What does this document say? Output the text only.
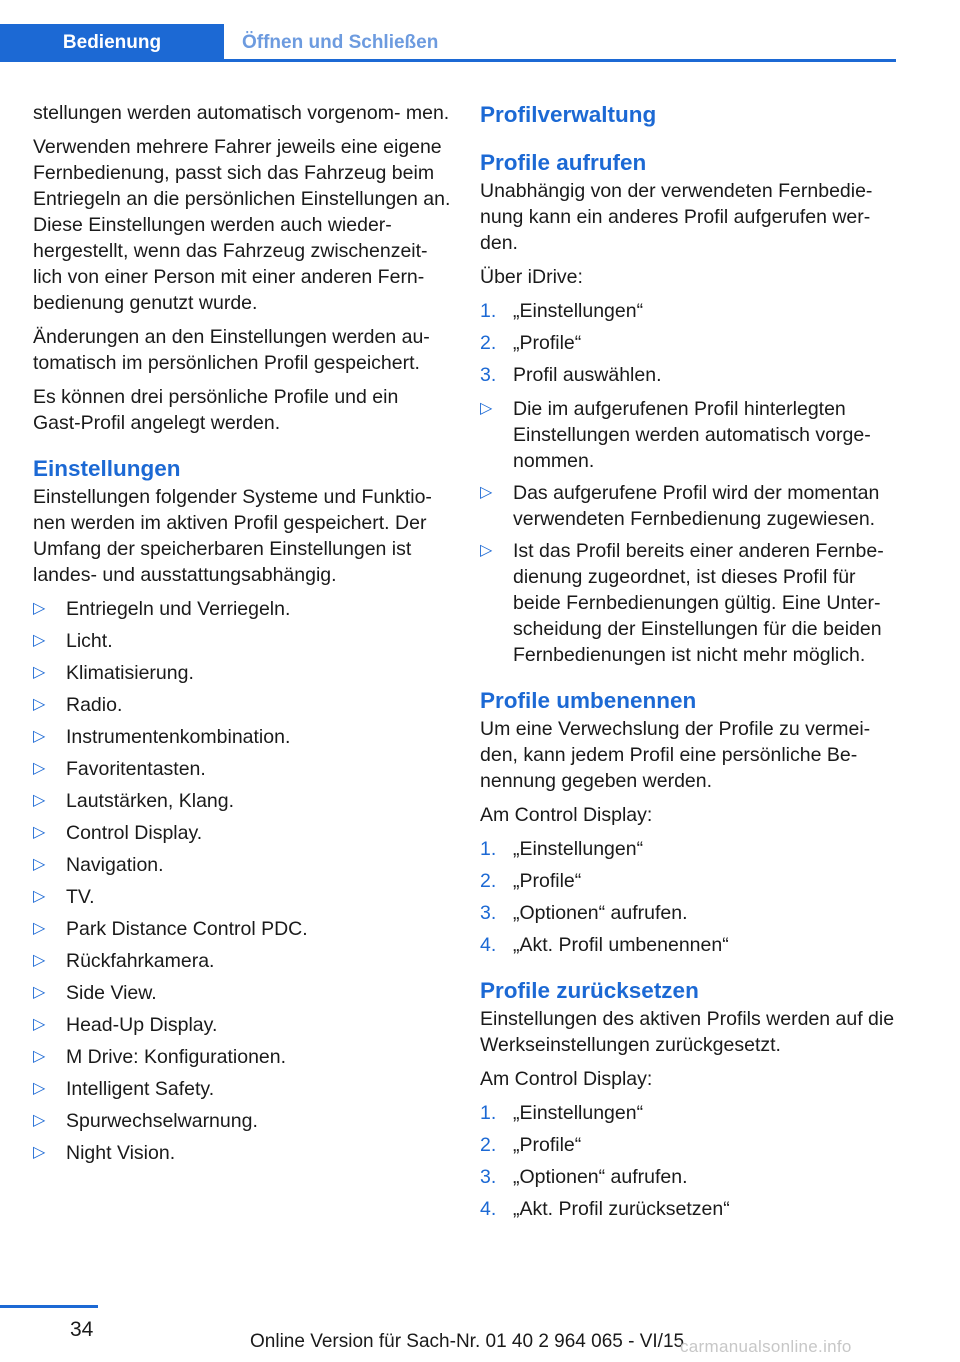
Bedienung	Öffnen und Schließen

stellungen werden automatisch vorgenom‐ men.

Verwenden mehrere Fahrer jeweils eine eigene Fernbedienung, passt sich das Fahrzeug beim Entriegeln an die persönlichen Einstellungen an. Diese Einstellungen werden auch wieder‐ hergestellt, wenn das Fahrzeug zwischenzeit‐ lich von einer Person mit einer anderen Fern‐ bedienung genutzt wurde.

Änderungen an den Einstellungen werden au‐ tomatisch im persönlichen Profil gespeichert.

Es können drei persönliche Profile und ein Gast-Profil angelegt werden.

Einstellungen

Einstellungen folgender Systeme und Funktio‐ nen werden im aktiven Profil gespeichert. Der Umfang der speicherbaren Einstellungen ist landes- und ausstattungsabhängig.

▷ Entriegeln und Verriegeln.
▷ Licht.
▷ Klimatisierung.
▷ Radio.
▷ Instrumentenkombination.
▷ Favoritentasten.
▷ Lautstärken, Klang.
▷ Control Display.
▷ Navigation.
▷ TV.
▷ Park Distance Control PDC.
▷ Rückfahrkamera.
▷ Side View.
▷ Head-Up Display.
▷ M Drive: Konfigurationen.
▷ Intelligent Safety.
▷ Spurwechselwarnung.
▷ Night Vision.
Profilverwaltung
Profile aufrufen

Unabhängig von der verwendeten Fernbedie‐ nung kann ein anderes Profil aufgerufen wer‐ den.

Über iDrive:

1. „Einstellungen“
2. „Profile“
3. Profil auswählen.
▷ Die im aufgerufenen Profil hinterlegten Einstellungen werden automatisch vorge‐ nommen.
▷ Das aufgerufene Profil wird der momentan verwendeten Fernbedienung zugewiesen.
▷ Ist das Profil bereits einer anderen Fernbe‐ dienung zugeordnet, ist dieses Profil für beide Fernbedienungen gültig. Eine Unter‐ scheidung der Einstellungen für die beiden Fernbedienungen ist nicht mehr möglich.
Profile umbenennen

Um eine Verwechslung der Profile zu vermei‐ den, kann jedem Profil eine persönliche Be‐ nennung gegeben werden.

Am Control Display:

1. „Einstellungen“
2. „Profile“
3. „Optionen“ aufrufen.
4. „Akt. Profil umbenennen“
Profile zurücksetzen

Einstellungen des aktiven Profils werden auf die Werkseinstellungen zurückgesetzt.

Am Control Display:

1. „Einstellungen“
2. „Profile“
3. „Optionen“ aufrufen.
4. „Akt. Profil zurücksetzen“
34
Online Version für Sach-Nr. 01 40 2 964 065 - VI/15
carmanualsonline.info
